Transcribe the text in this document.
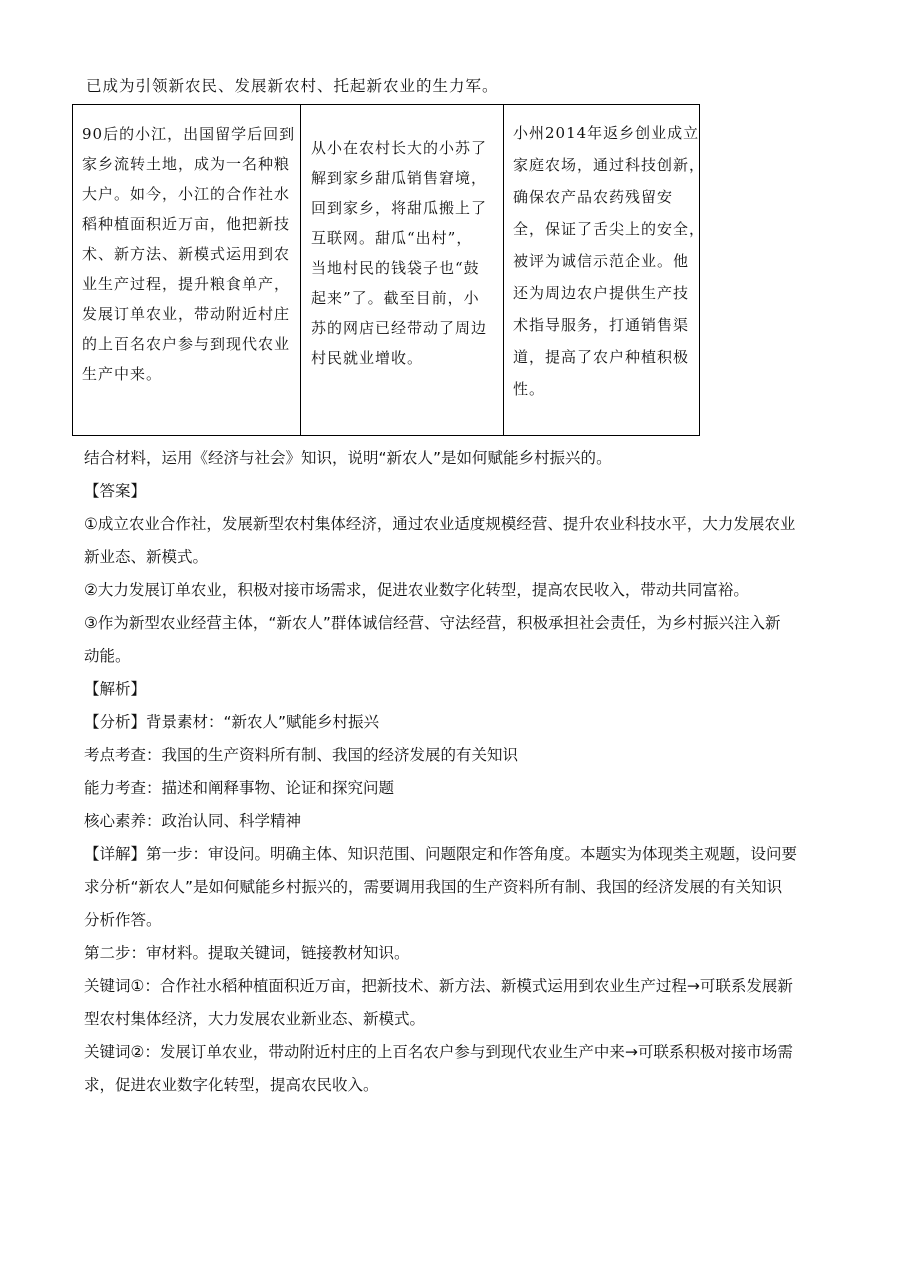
已成为引领新农民、发展新农村、托起新农业的生力军。
90后的小江，出国留学后回到
家乡流转土地，成为一名种粮
大户。如今，小江的合作社水
稻种植面积近万亩，他把新技
术、新方法、新模式运用到农
业生产过程，提升粮食单产，
发展订单农业，带动附近村庄
的上百名农户参与到现代农业
生产中来。
从小在农村长大的小苏了
解到家乡甜瓜销售窘境，
回到家乡，将甜瓜搬上了
互联网。甜瓜“出村”，
当地村民的钱袋子也“鼓
起来”了。截至目前，小
苏的网店已经带动了周边
村民就业增收。
小州2014年返乡创业成立
家庭农场，通过科技创新，
确保农产品农药残留安
全，保证了舌尖上的安全，
被评为诚信示范企业。他
还为周边农户提供生产技
术指导服务，打通销售渠
道，提高了农户种植积极
性。

结合材料，运用《经济与社会》知识，说明“新农人”是如何赋能乡村振兴的。

【答案】

①成立农业合作社，发展新型农村集体经济，通过农业适度规模经营、提升农业科技水平，大力发展农业

新业态、新模式。

②大力发展订单农业，积极对接市场需求，促进农业数字化转型，提高农民收入，带动共同富裕。

③作为新型农业经营主体，“新农人”群体诚信经营、守法经营，积极承担社会责任，为乡村振兴注入新

动能。

【解析】

【分析】背景素材：“新农人”赋能乡村振兴

考点考查：我国的生产资料所有制、我国的经济发展的有关知识

能力考查：描述和阐释事物、论证和探究问题

核心素养：政治认同、科学精神

【详解】第一步：审设问。明确主体、知识范围、问题限定和作答角度。本题实为体现类主观题，设问要

求分析“新农人”是如何赋能乡村振兴的，需要调用我国的生产资料所有制、我国的经济发展的有关知识

分析作答。

第二步：审材料。提取关键词，链接教材知识。

关键词①：合作社水稻种植面积近万亩，把新技术、新方法、新模式运用到农业生产过程→可联系发展新

型农村集体经济，大力发展农业新业态、新模式。

关键词②：发展订单农业，带动附近村庄的上百名农户参与到现代农业生产中来→可联系积极对接市场需

求，促进农业数字化转型，提高农民收入。
